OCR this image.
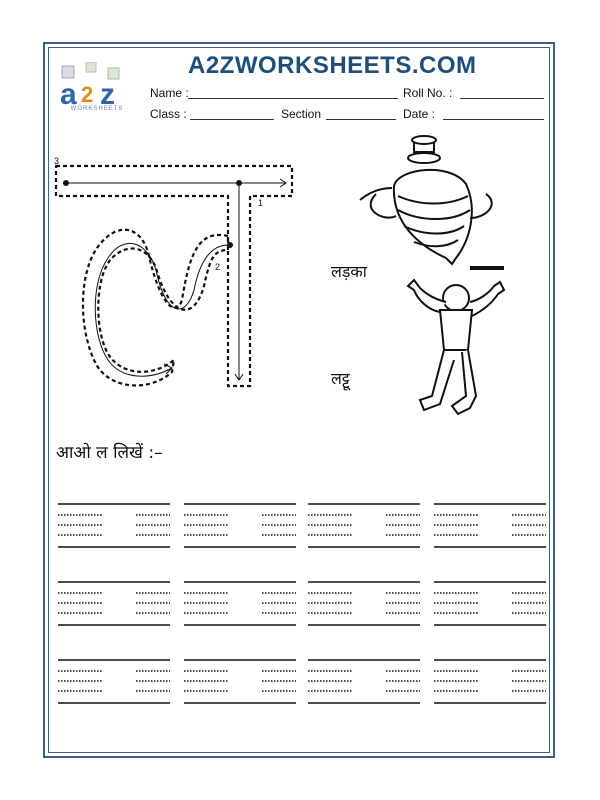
a 2 z
WORKSHEETS
A2ZWORKSHEETS.COM
Name :	Roll No. :
Class :	Section	Date :
3
1
2	लड़का
लट्टू
आओ ल लिखें :–
